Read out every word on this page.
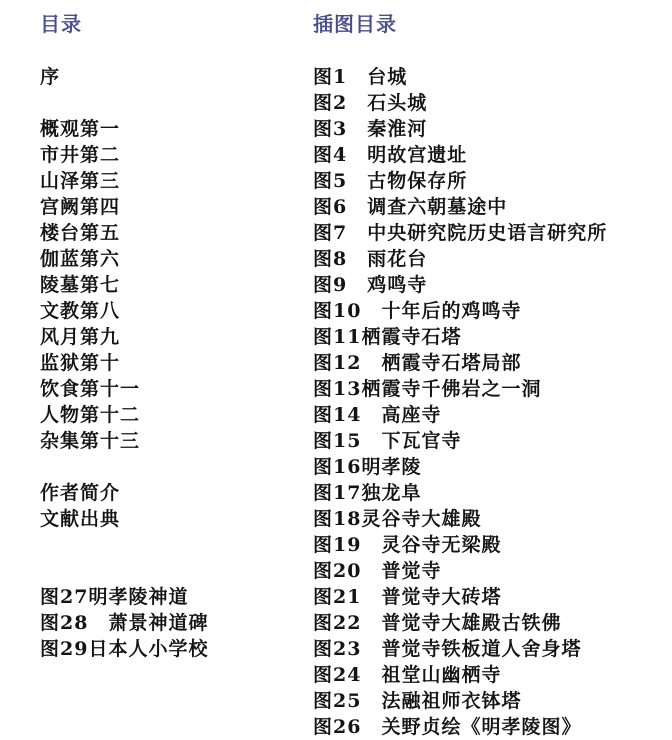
目录	插图目录
序
概观第一
市井第二
山泽第三
宫阙第四
楼台第五
伽蓝第六
陵墓第七
文教第八
风月第九
监狱第十
饮食第十一
人物第十二
杂集第十三
作者简介
文献出典
图27明孝陵神道
图28　萧景神道碑
图29日本人小学校
图1　台城
图2　石头城
图3　秦淮河
图4　明故宫遗址
图5　古物保存所
图6　调查六朝墓途中
图7　中央研究院历史语言研究所
图8　雨花台
图9　鸡鸣寺
图10　十年后的鸡鸣寺
图11栖霞寺石塔
图12　栖霞寺石塔局部
图13栖霞寺千佛岩之一洞
图14　高座寺
图15　下瓦官寺
图16明孝陵
图17独龙阜
图18灵谷寺大雄殿
图19　灵谷寺无梁殿
图20　普觉寺
图21　普觉寺大砖塔
图22　普觉寺大雄殿古铁佛
图23　普觉寺铁板道人舍身塔
图24　祖堂山幽栖寺
图25　法融祖师衣钵塔
图26　关野贞绘《明孝陵图》
